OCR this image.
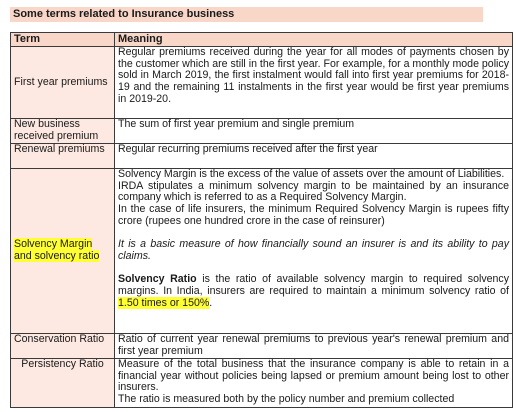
Some terms related to Insurance business
Term	Meaning
First year premiums	Regular premiums received during the year for all modes of payments chosen by the customer which are still in the first year. For example, for a monthly mode policy sold in March 2019, the first instalment would fall into first year premiums for 2018-19 and the remaining 11 instalments in the first year would be first year premiums in 2019-20.
New business received premium	The sum of first year premium and single premium
Renewal premiums	Regular recurring premiums received after the first year
Solvency Margin and solvency ratio	Solvency Margin is the excess of the value of assets over the amount of Liabilities.

IRDA stipulates a minimum solvency margin to be maintained by an insurance company which is referred to as a Required Solvency Margin.

In the case of life insurers, the minimum Required Solvency Margin is rupees fifty crore (rupees one hundred crore in the case of reinsurer)

It is a basic measure of how financially sound an insurer is and its ability to pay claims.

Solvency Ratio is the ratio of available solvency margin to required solvency margins. In India, insurers are required to maintain a minimum solvency ratio of 1.50 times or 150%.

Conservation Ratio	Ratio of current year renewal premiums to previous year's renewal premium and first year premium
Persistency Ratio	Measure of the total business that the insurance company is able to retain in a financial year without policies being lapsed or premium amount being lost to other insurers.

The ratio is measured both by the policy number and premium collected
